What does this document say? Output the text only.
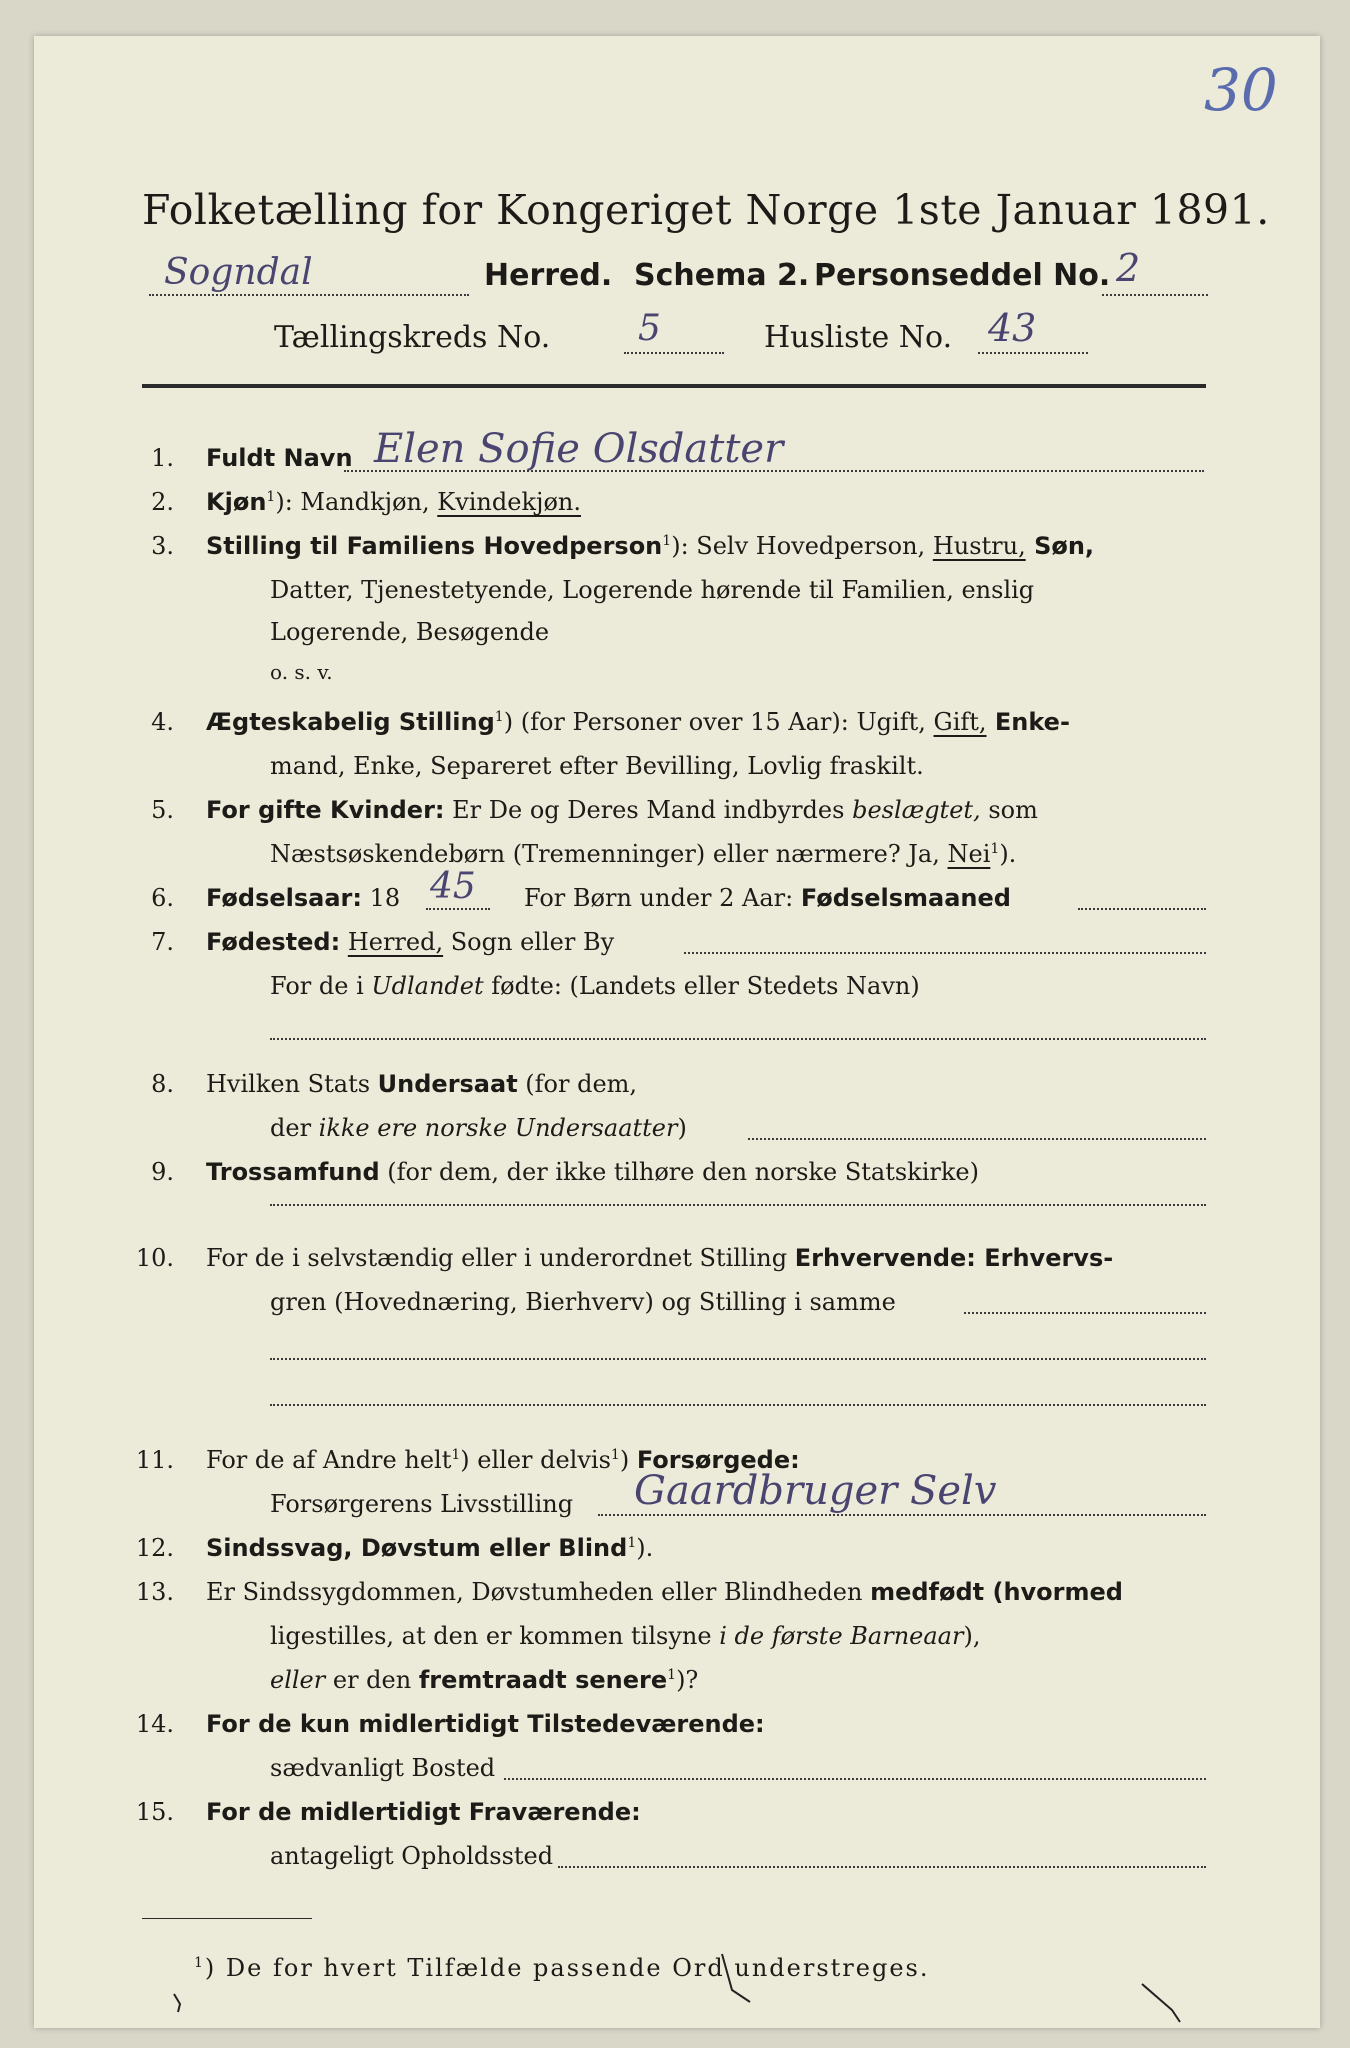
30
Folketælling for Kongeriget Norge 1ste Januar 1891.
Sogndal	Herred. Schema 2. Personseddel No. 2
Tællingskreds No. 5	Husliste No. 43
1. Fuldt Navn Elen Sofie Olsdatter
2. Kjøn$^1$): Mandkjøn, Kvindekjøn.
3. Stilling til Familiens Hovedperson$^1$): Selv Hovedperson, Hustru, Søn,
Datter, Tjenestetyende, Logerende hørende til Familien, enslig
Logerende, Besøgende
o. s. v.
4. Ægteskabelig Stilling$^1$) (for Personer over 15 Aar): Ugift, Gift, Enke-
mand, Enke, Separeret efter Bevilling, Lovlig fraskilt.
5. For gifte Kvinder: Er De og Deres Mand indbyrdes beslægtet, som
Næstsøskendebørn (Tremenninger) eller nærmere? Ja, Nei$^1$).
6. Fødselsaar: 18 45 For Børn under 2 Aar: Fødselsmaaned
7. Fødested: Herred, Sogn eller By
For de i Udlandet fødte: (Landets eller Stedets Navn)
8. Hvilken Stats Undersaat (for dem,
der ikke ere norske Undersaatter)
9. Trossamfund (for dem, der ikke tilhøre den norske Statskirke)
10. For de i selvstændig eller i underordnet Stilling Erhvervende: Erhvervs-
gren (Hovednæring, Bierhverv) og Stilling i samme
11. For de af Andre helt$^1$) eller delvis$^1$) Forsørgede:
Forsørgerens Livsstilling Gaardbruger Selv
12. Sindssvag, Døvstum eller Blind$^1$).
13. Er Sindssygdommen, Døvstumheden eller Blindheden medfødt (hvormed
ligestilles, at den er kommen tilsyne i de første Barneaar),
eller er den fremtraadt senere$^1$)?
14. For de kun midlertidigt Tilstedeværende:
sædvanligt Bosted
15. For de midlertidigt Fraværende:
antageligt Opholdssted
$^1$) De for hvert Tilfælde passende Ord understreges.
